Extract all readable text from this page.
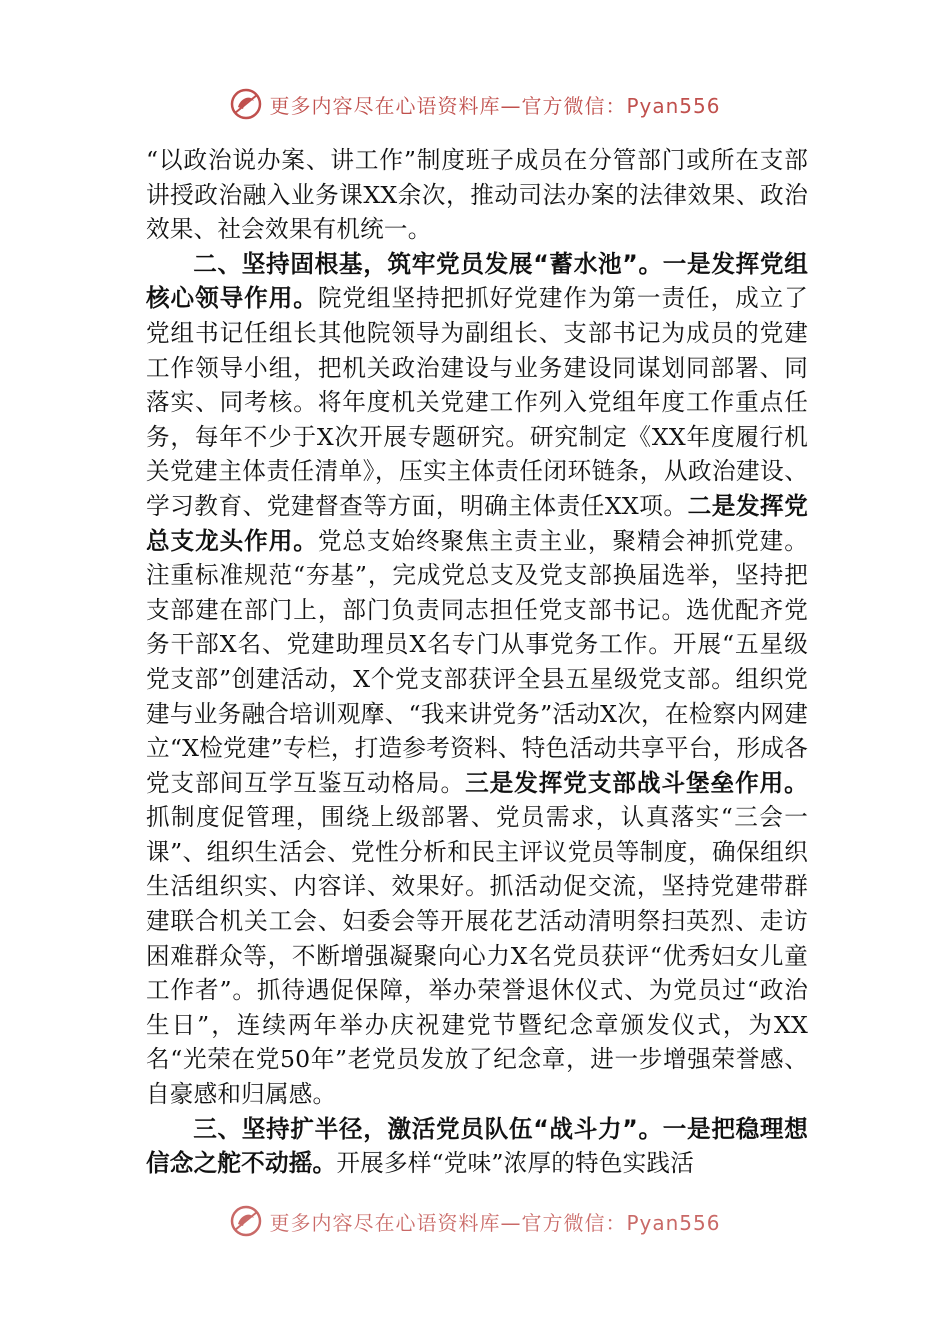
更多内容尽在心语资料库—官方微信：Pyan556

“以政治说办案、讲工作”制度班子成员在分管部门或所在支部讲授政治融入业务课XX余次，推动司法办案的法律效果、政治效果、社会效果有机统一。

二、坚持固根基，筑牢党员发展“蓄水池”。一是发挥党组核心领导作用。院党组坚持把抓好党建作为第一责任，成立了党组书记任组长其他院领导为副组长、支部书记为成员的党建工作领导小组，把机关政治建设与业务建设同谋划同部署、同落实、同考核。将年度机关党建工作列入党组年度工作重点任务，每年不少于X次开展专题研究。研究制定《XX年度履行机关党建主体责任清单》，压实主体责任闭环链条，从政治建设、学习教育、党建督查等方面，明确主体责任XX项。二是发挥党总支龙头作用。党总支始终聚焦主责主业，聚精会神抓党建。注重标准规范“夯基”，完成党总支及党支部换届选举，坚持把支部建在部门上，部门负责同志担任党支部书记。选优配齐党务干部X名、党建助理员X名专门从事党务工作。开展“五星级党支部”创建活动，X个党支部获评全县五星级党支部。组织党建与业务融合培训观摩、“我来讲党务”活动X次，在检察内网建立“X检党建”专栏，打造参考资料、特色活动共享平台，形成各党支部间互学互鉴互动格局。三是发挥党支部战斗堡垒作用。抓制度促管理，围绕上级部署、党员需求，认真落实“三会一课”、组织生活会、党性分析和民主评议党员等制度，确保组织生活组织实、内容详、效果好。抓活动促交流，坚持党建带群建联合机关工会、妇委会等开展花艺活动清明祭扫英烈、走访困难群众等，不断增强凝聚向心力X名党员获评“优秀妇女儿童工作者”。抓待遇促保障，举办荣誉退休仪式、为党员过“政治生日”，连续两年举办庆祝建党节暨纪念章颁发仪式，为XX名“光荣在党50年”老党员发放了纪念章，进一步增强荣誉感、自豪感和归属感。

三、坚持扩半径，激活党员队伍“战斗力”。一是把稳理想信念之舵不动摇。开展多样“党味”浓厚的特色实践活

更多内容尽在心语资料库—官方微信：Pyan556
